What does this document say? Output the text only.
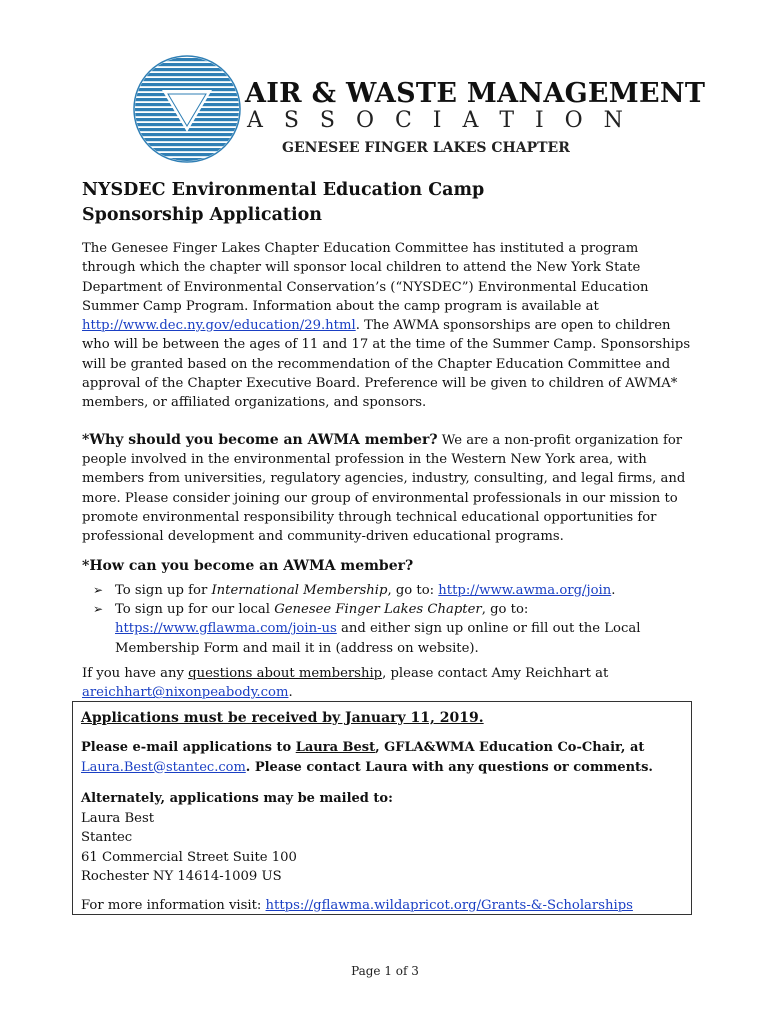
AIR & WASTE MANAGEMENT
A S S O C I A T I O N
GENESEE FINGER LAKES CHAPTER
NYSDEC Environmental Education Camp
Sponsorship Application

The Genesee Finger Lakes Chapter Education Committee has instituted a program through which the chapter will sponsor local children to attend the New York State Department of Environmental Conservation’s (“NYSDEC”) Environmental Education Summer Camp Program. Information about the camp program is available at http://www.dec.ny.gov/education/29.html. The AWMA sponsorships are open to children who will be between the ages of 11 and 17 at the time of the Summer Camp. Sponsorships will be granted based on the recommendation of the Chapter Education Committee and approval of the Chapter Executive Board. Preference will be given to children of AWMA* members, or affiliated organizations, and sponsors.

*Why should you become an AWMA member? We are a non-profit organization for people involved in the environmental profession in the Western New York area, with members from universities, regulatory agencies, industry, consulting, and legal firms, and more. Please consider joining our group of environmental professionals in our mission to promote environmental responsibility through technical educational opportunities for professional development and community-driven educational programs.

*How can you become an AWMA member?
➢ To sign up for International Membership, go to: http://www.awma.org/join.
➢ To sign up for our local Genesee Finger Lakes Chapter, go to: https://www.gflawma.com/join-us and either sign up online or fill out the Local Membership Form and mail it in (address on website).

If you have any questions about membership, please contact Amy Reichhart at areichhart@nixonpeabody.com.

Applications must be received by January 11, 2019.
Please e-mail applications to Laura Best, GFLA&WMA Education Co-Chair, at Laura.Best@stantec.com. Please contact Laura with any questions or comments.
Alternately, applications may be mailed to:
Laura Best
Stantec
61 Commercial Street Suite 100
Rochester NY 14614-1009 US
For more information visit: https://gflawma.wildapricot.org/Grants-&-Scholarships
Page 1 of 3
